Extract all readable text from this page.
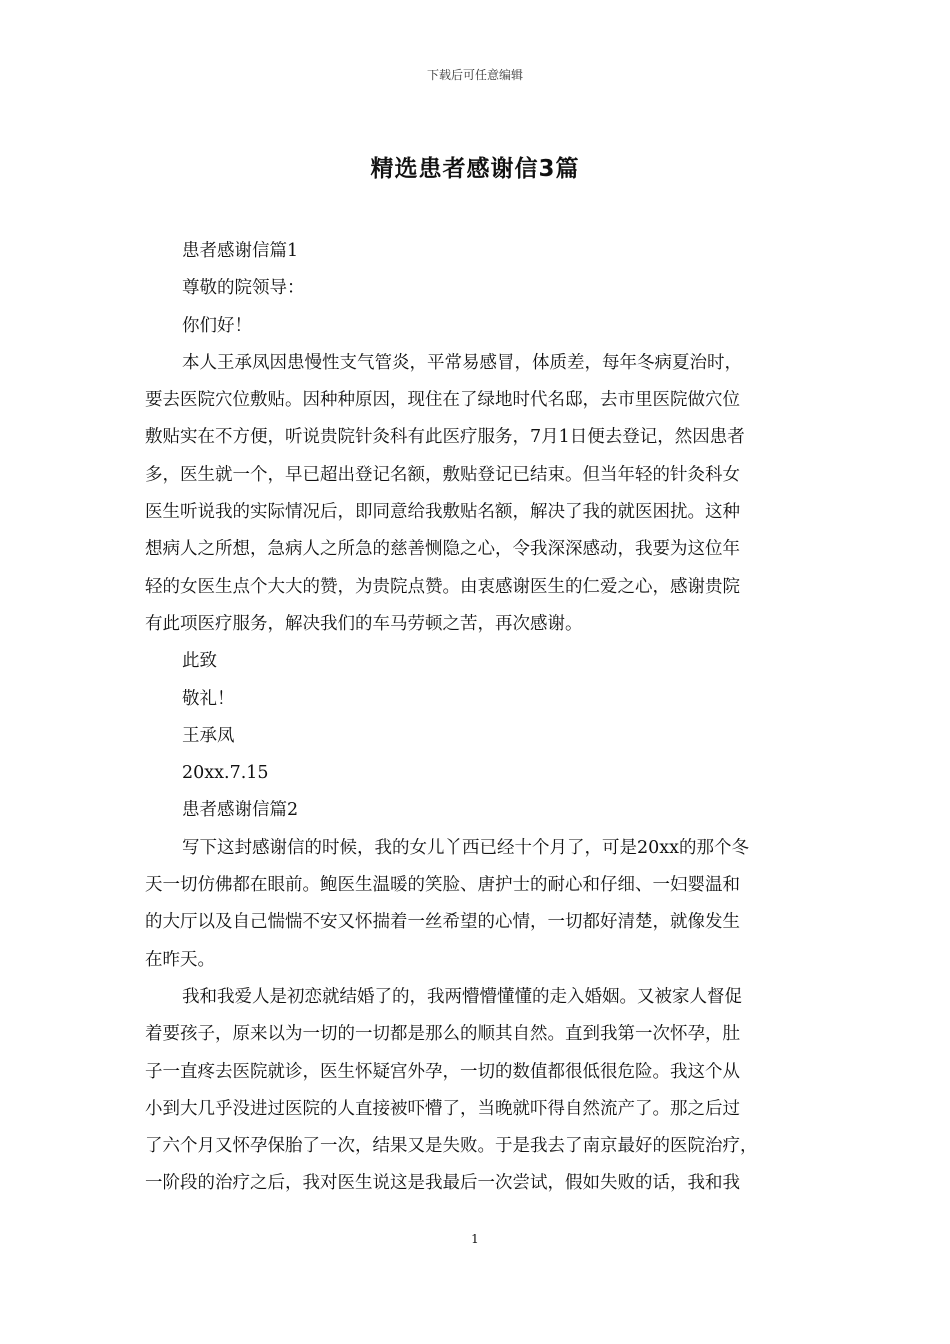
下载后可任意编辑
精选患者感谢信3篇
患者感谢信篇1
尊敬的院领导：
你们好！
本人王承凤因患慢性支气管炎，平常易感冒，体质差，每年冬病夏治时，
要去医院穴位敷贴。因种种原因，现住在了绿地时代名邸，去市里医院做穴位
敷贴实在不方便，听说贵院针灸科有此医疗服务，7月1日便去登记，然因患者
多，医生就一个，早已超出登记名额，敷贴登记已结束。但当年轻的针灸科女
医生听说我的实际情况后，即同意给我敷贴名额，解决了我的就医困扰。这种
想病人之所想，急病人之所急的慈善恻隐之心，令我深深感动，我要为这位年
轻的女医生点个大大的赞，为贵院点赞。由衷感谢医生的仁爱之心，感谢贵院
有此项医疗服务，解决我们的车马劳顿之苦，再次感谢。
此致
敬礼！
王承凤
20xx.7.15
患者感谢信篇2
写下这封感谢信的时候，我的女儿丫西已经十个月了，可是20xx的那个冬
天一切仿佛都在眼前。鲍医生温暖的笑脸、唐护士的耐心和仔细、一妇婴温和
的大厅以及自己惴惴不安又怀揣着一丝希望的心情，一切都好清楚，就像发生
在昨天。
我和我爱人是初恋就结婚了的，我两懵懵懂懂的走入婚姻。又被家人督促
着要孩子，原来以为一切的一切都是那么的顺其自然。直到我第一次怀孕，肚
子一直疼去医院就诊，医生怀疑宫外孕，一切的数值都很低很危险。我这个从
小到大几乎没进过医院的人直接被吓懵了，当晚就吓得自然流产了。那之后过
了六个月又怀孕保胎了一次，结果又是失败。于是我去了南京最好的医院治疗，
一阶段的治疗之后，我对医生说这是我最后一次尝试，假如失败的话，我和我
1
